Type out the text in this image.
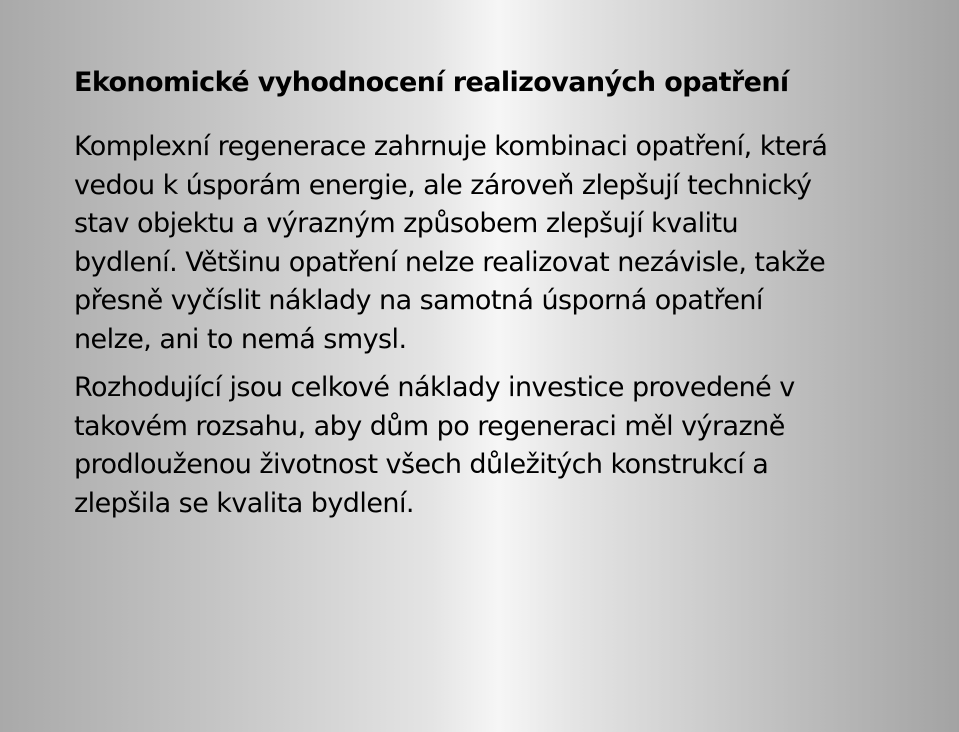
Ekonomické vyhodnocení realizovaných opatření

Komplexní regenerace zahrnuje kombinaci opatření, která
vedou k úsporám energie, ale zároveň zlepšují technický
stav objektu a výrazným způsobem zlepšují kvalitu
bydlení. Většinu opatření nelze realizovat nezávisle, takže
přesně vyčíslit náklady na samotná úsporná opatření
nelze, ani to nemá smysl.

Rozhodující jsou celkové náklady investice provedené v
takovém rozsahu, aby dům po regeneraci měl výrazně
prodlouženou životnost všech důležitých konstrukcí a
zlepšila se kvalita bydlení.
